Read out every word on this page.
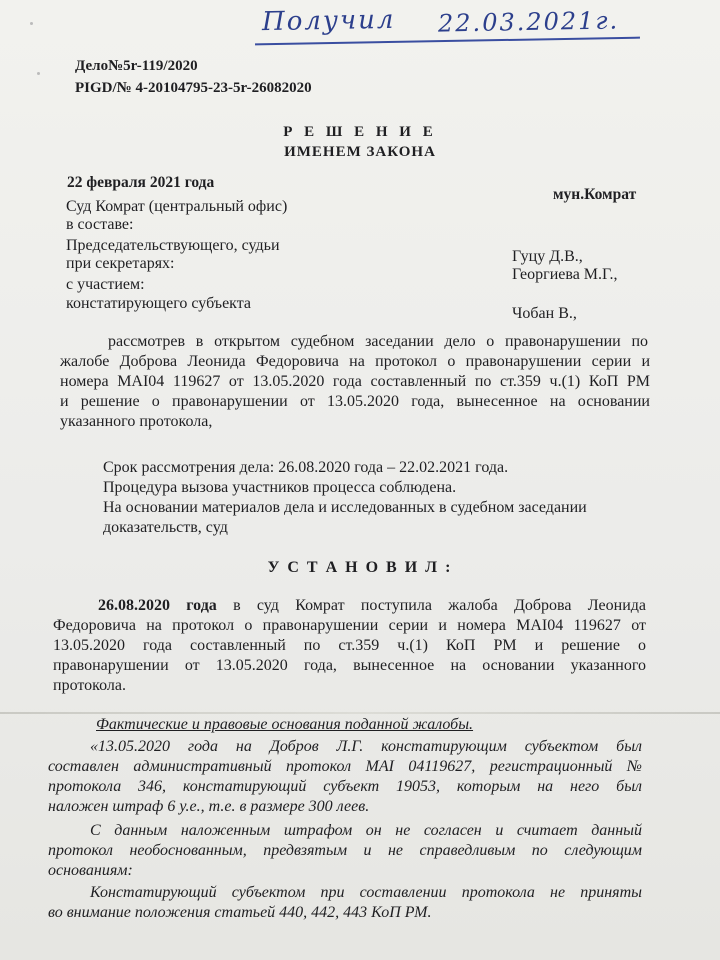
Получил 22.03.2021г.
Дело№5r-119/2020
PIGD/№ 4-20104795-23-5r-26082020
Р Е Ш Е Н И Е
ИМЕНЕМ ЗАКОНА
22 февраля 2021 года
мун.Комрат
Суд Комрат (центральный офис)
в составе:
Председательствующего, судьи
при секретарях:
с участием:
констатирующего субъекта
Гуцу Д.В.,
Георгиева М.Г.,
Чобан В.,
рассмотрев в открытом судебном заседании дело о правонарушении по
жалобе Доброва Леонида Федоровича на протокол о правонарушении серии и
номера МАI04 119627 от 13.05.2020 года составленный по ст.359 ч.(1) КоП РМ
и решение о правонарушении от 13.05.2020 года, вынесенное на основании
указанного протокола,
Срок рассмотрения дела: 26.08.2020 года – 22.02.2021 года.
Процедура вызова участников процесса соблюдена.
На основании материалов дела и исследованных в судебном заседании
доказательств, суд
У С Т А Н О В И Л :
26.08.2020 года в суд Комрат поступила жалоба Доброва Леонида
Федоровича на протокол о правонарушении серии и номера МАI04 119627 от
13.05.2020 года составленный по ст.359 ч.(1) КоП РМ и решение о
правонарушении от 13.05.2020 года, вынесенное на основании указанного
протокола.
Фактические и правовые основания поданной жалобы.
«13.05.2020 года на Добров Л.Г. констатирующим субъектом был
составлен административный протокол МАI 04119627, регистрационный №
протокола 346, констатирующий субъект 19053, которым на него был
наложен штраф 6 у.е., т.е. в размере 300 леев.
С данным наложенным штрафом он не согласен и считает данный
протокол необоснованным, предвзятым и не справедливым по следующим
основаниям:
Констатирующий субъектом при составлении протокола не приняты
во внимание положения статьей 440, 442, 443 КоП РМ.
